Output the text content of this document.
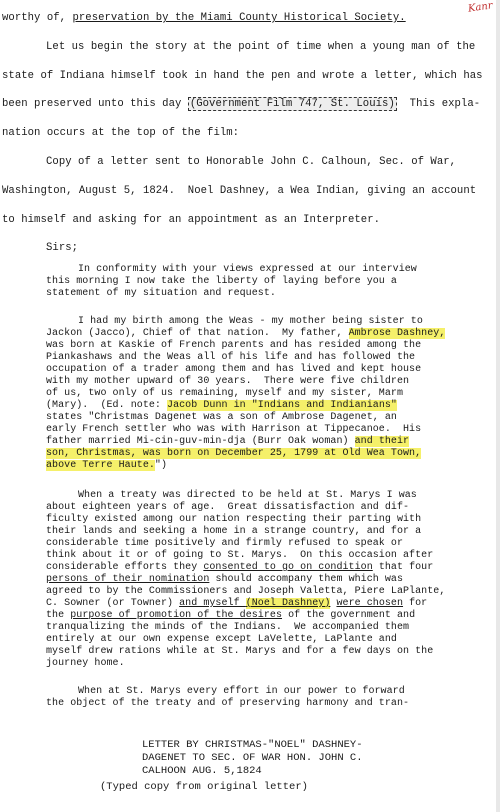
Kanr
worthy of, preservation by the Miami County Historical Society.
Let us begin the story at the point of time when a young man of the
state of Indiana himself took in hand the pen and wrote a letter, which has
been preserved unto this day (Government Film 747, St. Louis)  This expla-
nation occurs at the top of the film:
Copy of a letter sent to Honorable John C. Calhoun, Sec. of War,
Washington, August 5, 1824.  Noel Dashney, a Wea Indian, giving an account
to himself and asking for an appointment as an Interpreter.
Sirs;
In conformity with your views expressed at our interview
this morning I now take the liberty of laying before you a
statement of my situation and request.
I had my birth among the Weas - my mother being sister to
Jackon (Jacco), Chief of that nation.  My father, Ambrose Dashney,
was born at Kaskie of French parents and has resided among the
Piankashaws and the Weas all of his life and has followed the
occupation of a trader among them and has lived and kept house
with my mother upward of 30 years.  There were five children
of us, two only of us remaining, myself and my sister, Marm
(Mary).  (Ed. note: Jacob Dunn in "Indians and Indianians"
states "Christmas Dagenet was a son of Ambrose Dagenet, an
early French settler who was with Harrison at Tippecanoe.  His
father married Mi-cin-guv-min-dja (Burr Oak woman) and their
son, Christmas, was born on December 25, 1799 at Old Wea Town,
above Terre Haute.")
When a treaty was directed to be held at St. Marys I was
about eighteen years of age.  Great dissatisfaction and dif-
ficulty existed among our nation respecting their parting with
their lands and seeking a home in a strange country, and for a
considerable time positively and firmly refused to speak or
think about it or of going to St. Marys.  On this occasion after
considerable efforts they consented to go on condition that four
persons of their nomination should accompany them which was
agreed to by the Commissioners and Joseph Valetta, Piere LaPlante,
C. Sowner (or Towner) and myself (Noel Dashney) were chosen for
the purpose of promotion of the desires of the government and
tranqualizing the minds of the Indians.  We accompanied them
entirely at our own expense except LaVelette, LaPlante and
myself drew rations while at St. Marys and for a few days on the
journey home.
When at St. Marys every effort in our power to forward
the object of the treaty and of preserving harmony and tran-
LETTER BY CHRISTMAS-"NOEL" DASHNEY-
DAGENET TO SEC. OF WAR HON. JOHN C.
CALHOON AUG. 5,1824
(Typed copy from original letter)
